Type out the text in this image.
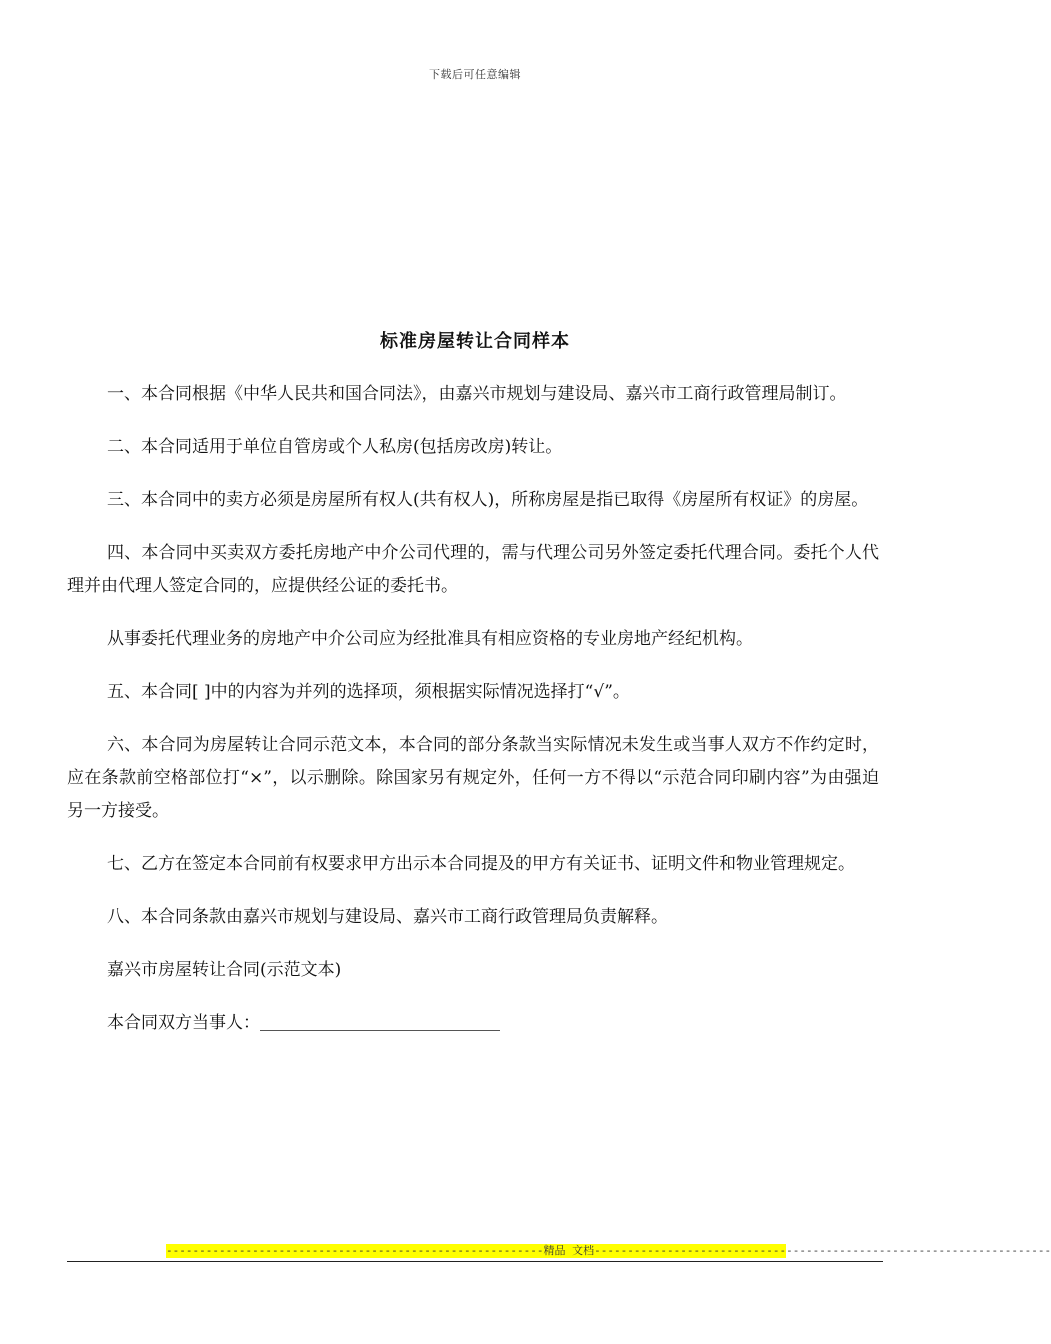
下载后可任意编辑
标准房屋转让合同样本

一、本合同根据《中华人民共和国合同法》，由嘉兴市规划与建设局、嘉兴市工商行政管理局制订。

二、本合同适用于单位自管房或个人私房(包括房改房)转让。

三、本合同中的卖方必须是房屋所有权人(共有权人)，所称房屋是指已取得《房屋所有权证》的房屋。

四、本合同中买卖双方委托房地产中介公司代理的，需与代理公司另外签定委托代理合同。委托个人代理并由代理人签定合同的，应提供经公证的委托书。

从事委托代理业务的房地产中介公司应为经批准具有相应资格的专业房地产经纪机构。

五、本合同[ ]中的内容为并列的选择项，须根据实际情况选择打“√”。

六、本合同为房屋转让合同示范文本，本合同的部分条款当实际情况未发生或当事人双方不作约定时，应在条款前空格部位打“×”，以示删除。除国家另有规定外，任何一方不得以“示范合同印刷内容”为由强迫另一方接受。

七、乙方在签定本合同前有权要求甲方出示本合同提及的甲方有关证书、证明文件和物业管理规定。

八、本合同条款由嘉兴市规划与建设局、嘉兴市工商行政管理局负责解释。

嘉兴市房屋转让合同(示范文本)

本合同双方当事人：

---------------------------------------------------------精品 文档---------------------------------------------------------------------
